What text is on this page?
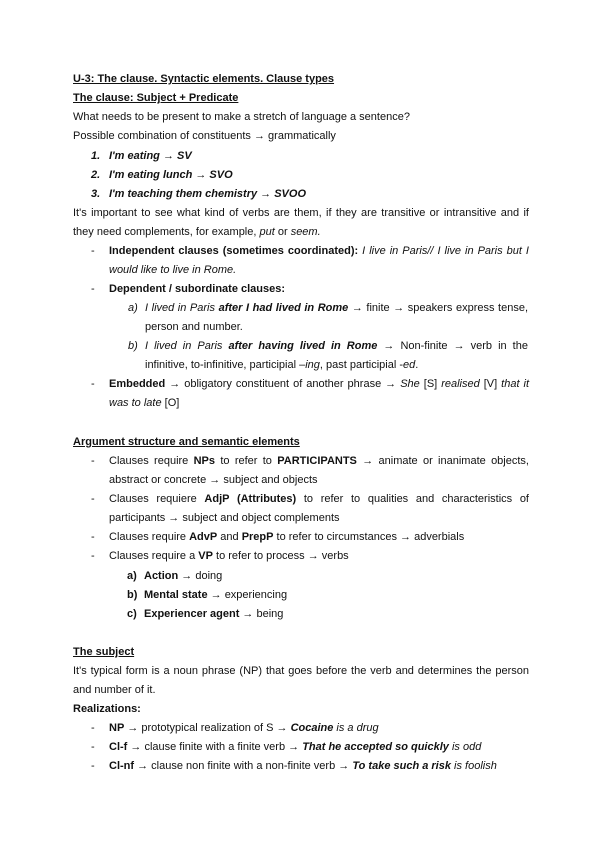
U-3: The clause. Syntactic elements. Clause types
The clause: Subject + Predicate
What needs to be present to make a stretch of language a sentence?
Possible combination of constituents → grammatically
1. I'm eating → SV
2. I'm eating lunch → SVO
3. I'm teaching them chemistry → SVOO
It's important to see what kind of verbs are them, if they are transitive or intransitive and if
they need complements, for example, put or seem.
- Independent clauses (sometimes coordinated): I live in Paris// I live in Paris but I
would like to live in Rome.
- Dependent / subordinate clauses:
a) I lived in Paris after I had lived in Rome → finite → speakers express tense,
person and number.
b) I lived in Paris after having lived in Rome → Non-finite → verb in the
infinitive, to-infinitive, participial –ing, past participial -ed.
- Embedded → obligatory constituent of another phrase → She [S] realised [V] that it
was to late [O]
Argument structure and semantic elements
- Clauses require NPs to refer to PARTICIPANTS → animate or inanimate objects,
abstract or concrete → subject and objects
- Clauses requiere AdjP (Attributes) to refer to qualities and characteristics of
participants → subject and object complements
- Clauses require AdvP and PrepP to refer to circumstances → adverbials
- Clauses require a VP to refer to process → verbs
a) Action → doing
b) Mental state → experiencing
c) Experiencer agent → being
The subject
It's typical form is a noun phrase (NP) that goes before the verb and determines the person
and number of it.
Realizations:
- NP → prototypical realization of S → Cocaine is a drug
- Cl-f → clause finite with a finite verb → That he accepted so quickly is odd
- Cl-nf → clause non finite with a non-finite verb → To take such a risk is foolish
